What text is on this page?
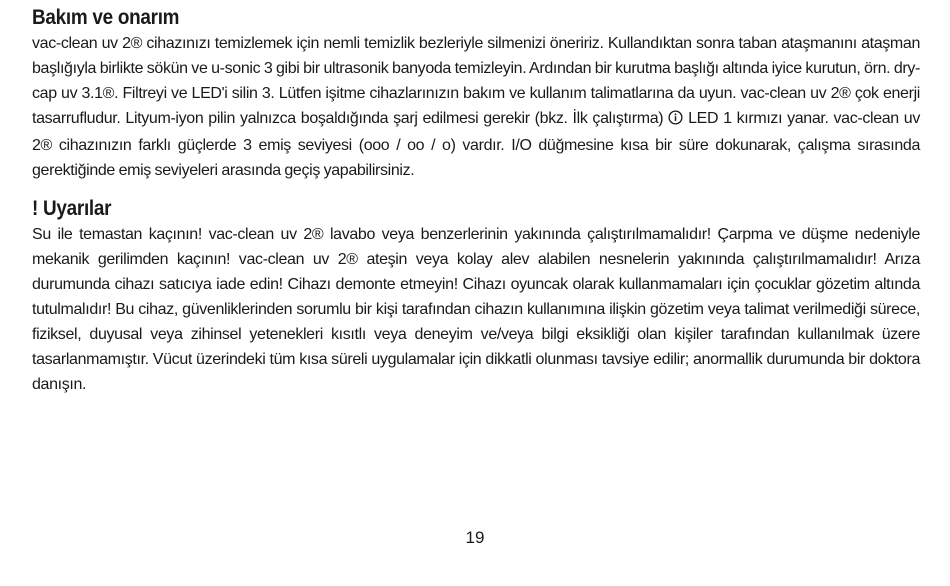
Bakım ve onarım

vac-clean uv 2® cihazınızı temizlemek için nemli temizlik bezleriyle silmenizi öneririz. Kullandıktan sonra taban ataşmanını ataşman başlığıyla birlikte sökün ve u-sonic 3 gibi bir ultrasonik banyoda temizleyin. Ardından bir kurutma başlığı altında iyice kurutun, örn. dry-cap uv 3.1®. Filtreyi ve LED'i silin 3. Lütfen işitme cihazlarınızın bakım ve kullanım talimatlarına da uyun. vac-clean uv 2® çok enerji tasarrufludur. Lityum-iyon pilin yalnızca boşaldığında şarj edilmesi gerekir (bkz. İlk çalıştırma) LED 1 kırmızı yanar. vac-clean uv 2® cihazınızın farklı güçlerde 3 emiş seviyesi (ooo / oo / o) vardır. I/O düğmesine kısa bir süre dokunarak, çalışma sırasında gerektiğinde emiş seviyeleri arasında geçiş yapabilirsiniz.

! Uyarılar

Su ile temastan kaçının! vac-clean uv 2® lavabo veya benzerlerinin yakınında çalıştırılmamalıdır! Çarpma ve düşme nedeniyle mekanik gerilimden kaçının! vac-clean uv 2® ateşin veya kolay alev alabilen nesnelerin yakınında çalıştırılmamalıdır! Arıza durumunda cihazı satıcıya iade edin! Cihazı demonte etmeyin! Cihazı oyuncak olarak kullanmamaları için çocuklar gözetim altında tutulmalıdır! Bu cihaz, güvenliklerinden sorumlu bir kişi tarafından cihazın kullanımına ilişkin gözetim veya talimat verilmediği sürece, fiziksel, duyusal veya zihinsel yetenekleri kısıtlı veya deneyim ve/veya bilgi eksikliği olan kişiler tarafından kullanılmak üzere tasarlanmamıştır. Vücut üzerindeki tüm kısa süreli uygulamalar için dikkatli olunması tavsiye edilir; anormallik durumunda bir doktora danışın.

19
